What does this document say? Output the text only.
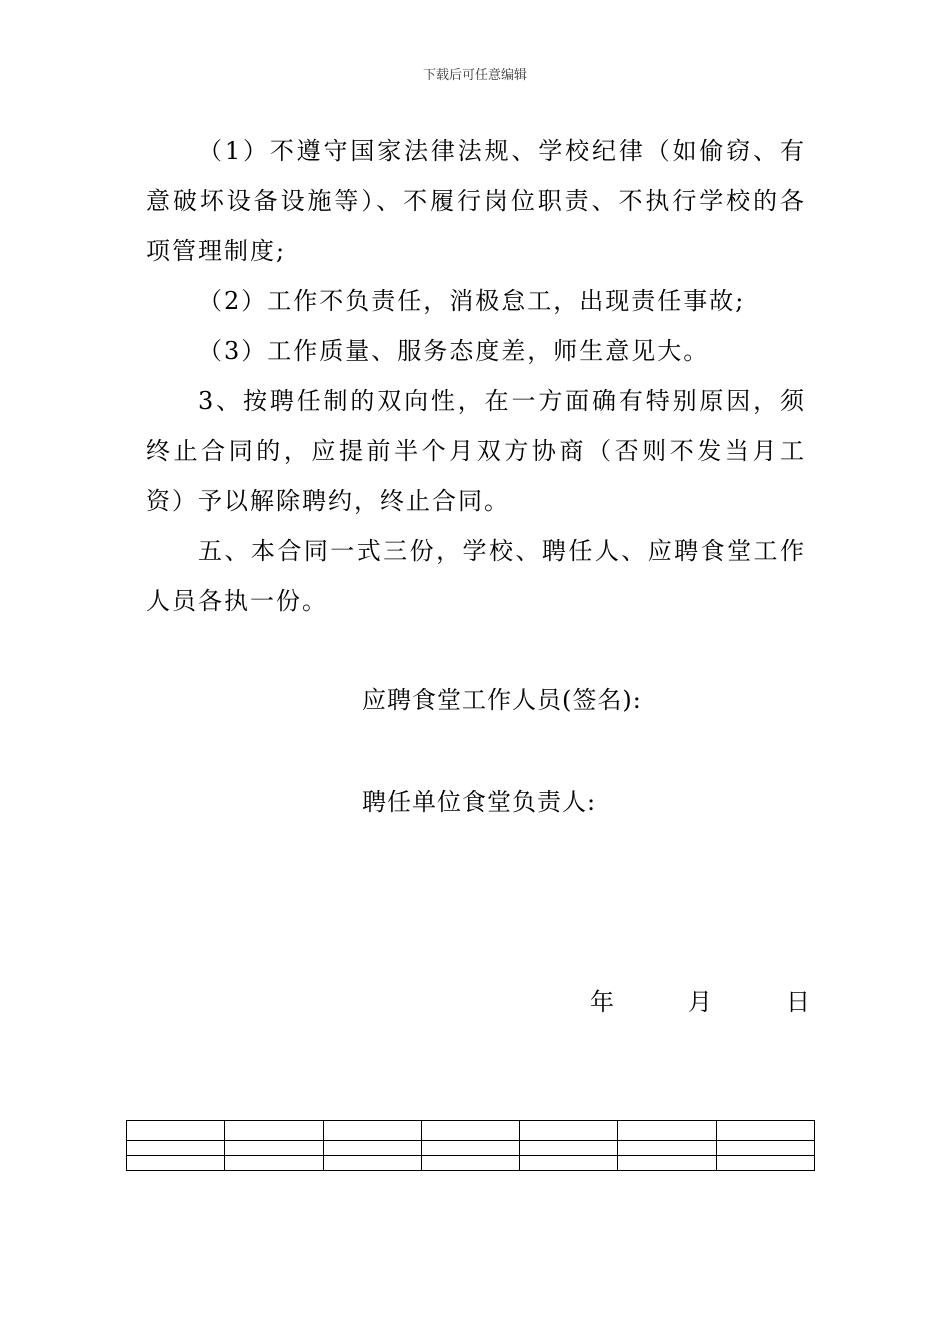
下载后可任意编辑

（1）不遵守国家法律法规、学校纪律（如偷窃、有意破坏设备设施等）、不履行岗位职责、不执行学校的各项管理制度;

（2）工作不负责任，消极怠工，出现责任事故;

（3）工作质量、服务态度差，师生意见大。

3、按聘任制的双向性，在一方面确有特别原因，须终止合同的，应提前半个月双方协商（否则不发当月工资）予以解除聘约，终止合同。

五、本合同一式三份，学校、聘任人、应聘食堂工作人员各执一份。

应聘食堂工作人员(签名):
聘任单位食堂负责人:
年	月	日
